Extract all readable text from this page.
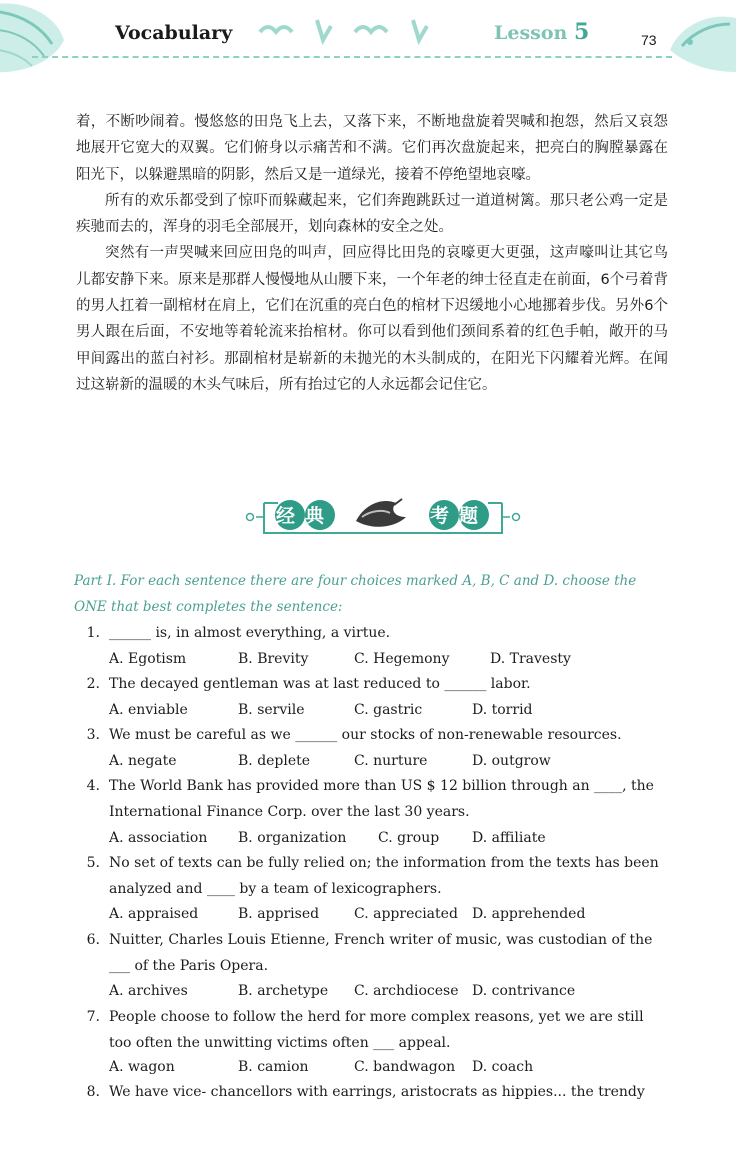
Vocabulary	Lesson 5	73

着，不断吵闹着。慢悠悠的田凫飞上去，又落下来，不断地盘旋着哭喊和抱怨，然后又哀怨地展开它宽大的双翼。它们俯身以示痛苦和不满。它们再次盘旋起来，把亮白的胸膛暴露在阳光下，以躲避黑暗的阴影，然后又是一道绿光，接着不停绝望地哀嚎。

所有的欢乐都受到了惊吓而躲藏起来，它们奔跑跳跃过一道道树篱。那只老公鸡一定是疾驰而去的，浑身的羽毛全部展开，划向森林的安全之处。

突然有一声哭喊来回应田凫的叫声，回应得比田凫的哀嚎更大更强，这声嚎叫让其它鸟儿都安静下来。原来是那群人慢慢地从山腰下来，一个年老的绅士径直走在前面，6个弓着背的男人扛着一副棺材在肩上，它们在沉重的亮白色的棺材下迟缓地小心地挪着步伐。另外6个男人跟在后面，不安地等着轮流来抬棺材。你可以看到他们颈间系着的红色手帕，敞开的马甲间露出的蓝白衬衫。那副棺材是崭新的未抛光的木头制成的，在阳光下闪耀着光辉。在闻过这崭新的温暖的木头气味后，所有抬过它的人永远都会记住它。

经典	考题

Part I. For each sentence there are four choices marked A, B, C and D. choose the ONE that best completes the sentence:

1. ______ is, in almost everything, a virtue.
A. Egotism	B. Brevity	C. Hegemony	D. Travesty
2. The decayed gentleman was at last reduced to ______ labor.
A. enviable	B. servile	C. gastric	D. torrid
3. We must be careful as we ______ our stocks of non-renewable resources.
A. negate	B. deplete	C. nurture	D. outgrow
4. The World Bank has provided more than US $ 12 billion through an ____, the International Finance Corp. over the last 30 years.
A. association B. organization C. group D. affiliate
5. No set of texts can be fully relied on; the information from the texts has been analyzed and ____ by a team of lexicographers.
A. appraised	B. apprised C. appreciated D. apprehended
6. Nuitter, Charles Louis Etienne, French writer of music, was custodian of the ___ of the Paris Opera.
A. archives	B. archetype C. archdiocese D. contrivance
7. People choose to follow the herd for more complex reasons, yet we are still too often the unwitting victims often ___ appeal.
A. wagon	B. camion	C. bandwagon D. coach
8. We have vice- chancellors with earrings, aristocrats as hippies... the trendy
